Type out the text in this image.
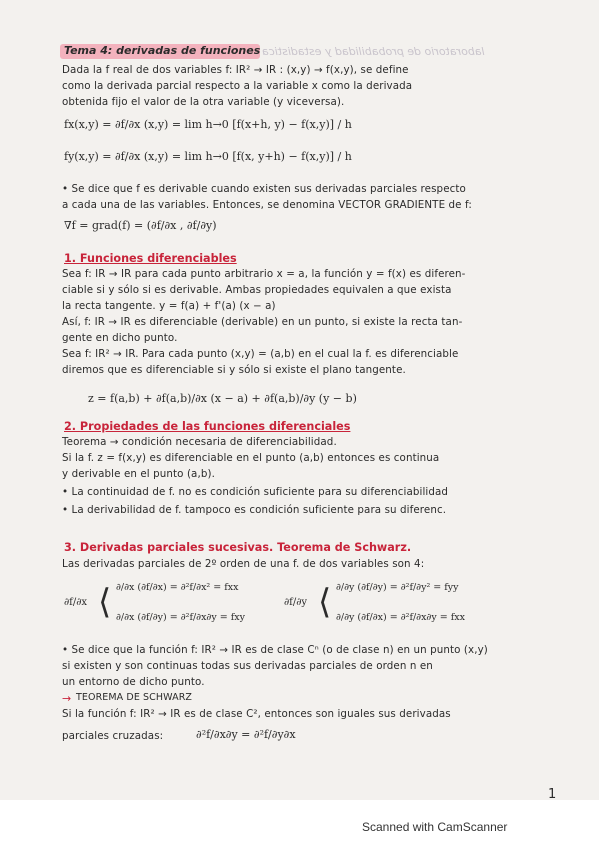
laboratorio de probabilidad y estadistica
Tema 4: derivadas de funciones
Dada la f real de dos variables f: IR² → IR : (x,y) → f(x,y), se define
como la derivada parcial respecto a la variable x como la derivada
obtenida fijo el valor de la otra variable (y viceversa).
fx(x,y) = ∂f/∂x (x,y) = lim h→0 [f(x+h, y) − f(x,y)] / h
fy(x,y) = ∂f/∂x (x,y) = lim h→0 [f(x, y+h) − f(x,y)] / h
• Se dice que f es derivable cuando existen sus derivadas parciales respecto
a cada una de las variables. Entonces, se denomina VECTOR GRADIENTE de f:
∇f = grad(f) = (∂f/∂x , ∂f/∂y)
1. Funciones diferenciables
Sea f: IR → IR para cada punto arbitrario x = a, la función y = f(x) es diferen-
ciable si y sólo si es derivable. Ambas propiedades equivalen a que exista
la recta tangente. y = f(a) + f'(a) (x − a)
Así, f: IR → IR es diferenciable (derivable) en un punto, si existe la recta tan-
gente en dicho punto.
Sea f: IR² → IR. Para cada punto (x,y) = (a,b) en el cual la f. es diferenciable
diremos que es diferenciable si y sólo si existe el plano tangente.
z = f(a,b) + ∂f(a,b)/∂x (x − a) + ∂f(a,b)/∂y (y − b)
2. Propiedades de las funciones diferenciales
Teorema → condición necesaria de diferenciabilidad.
Si la f. z = f(x,y) es diferenciable en el punto (a,b) entonces es continua
y derivable en el punto (a,b).
• La continuidad de f. no es condición suficiente para su diferenciabilidad
• La derivabilidad de f. tampoco es condición suficiente para su diferenc.
3. Derivadas parciales sucesivas. Teorema de Schwarz.
Las derivadas parciales de 2º orden de una f. de dos variables son 4:
∂f/∂x ⟨ ∂/∂x (∂f/∂x) = ∂²f/∂x² = fxx
∂/∂x (∂f/∂y) = ∂²f/∂x∂y = fxy
∂f/∂y ⟨ ∂/∂y (∂f/∂y) = ∂²f/∂y² = fyy
∂/∂y (∂f/∂x) = ∂²f/∂x∂y = fxx
• Se dice que la función f: IR² → IR es de clase Cⁿ (o de clase n) en un punto (x,y)
si existen y son continuas todas sus derivadas parciales de orden n en
un entorno de dicho punto.
→ TEOREMA DE SCHWARZ
Si la función f: IR² → IR es de clase C², entonces son iguales sus derivadas
parciales cruzadas:	∂²f/∂x∂y = ∂²f/∂y∂x
1
Scanned with CamScanner
